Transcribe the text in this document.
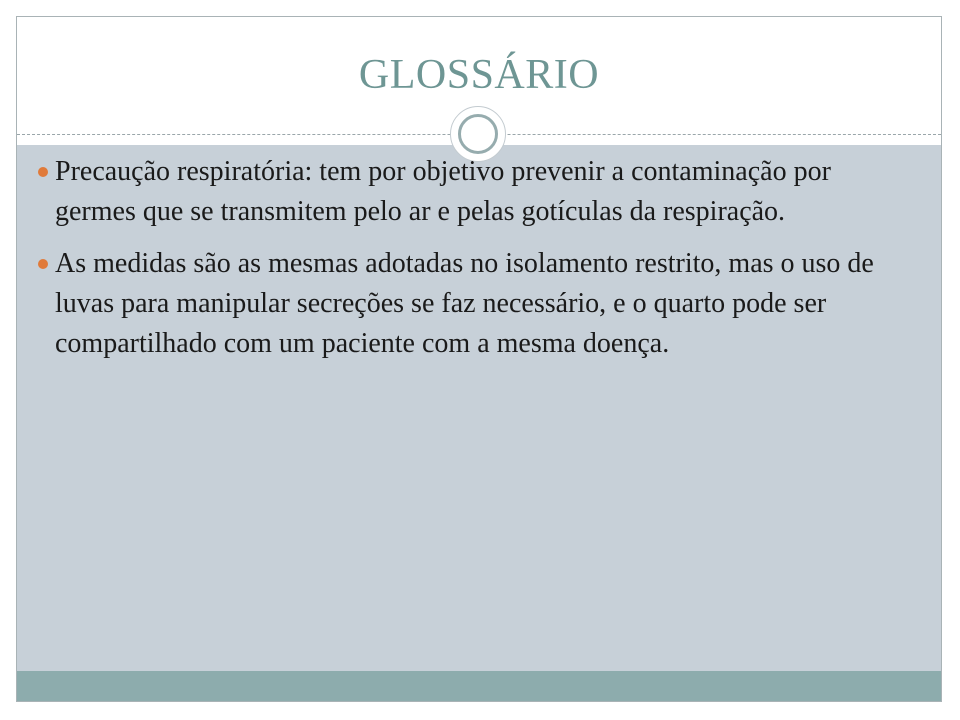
GLOSSÁRIO
Precaução respiratória: tem por objetivo prevenir a contaminação por germes que se transmitem pelo ar e pelas gotículas da respiração.
As medidas são as mesmas adotadas no isolamento restrito, mas o uso de luvas para manipular secreções se faz necessário, e o quarto pode ser compartilhado com um paciente com a mesma doença.
